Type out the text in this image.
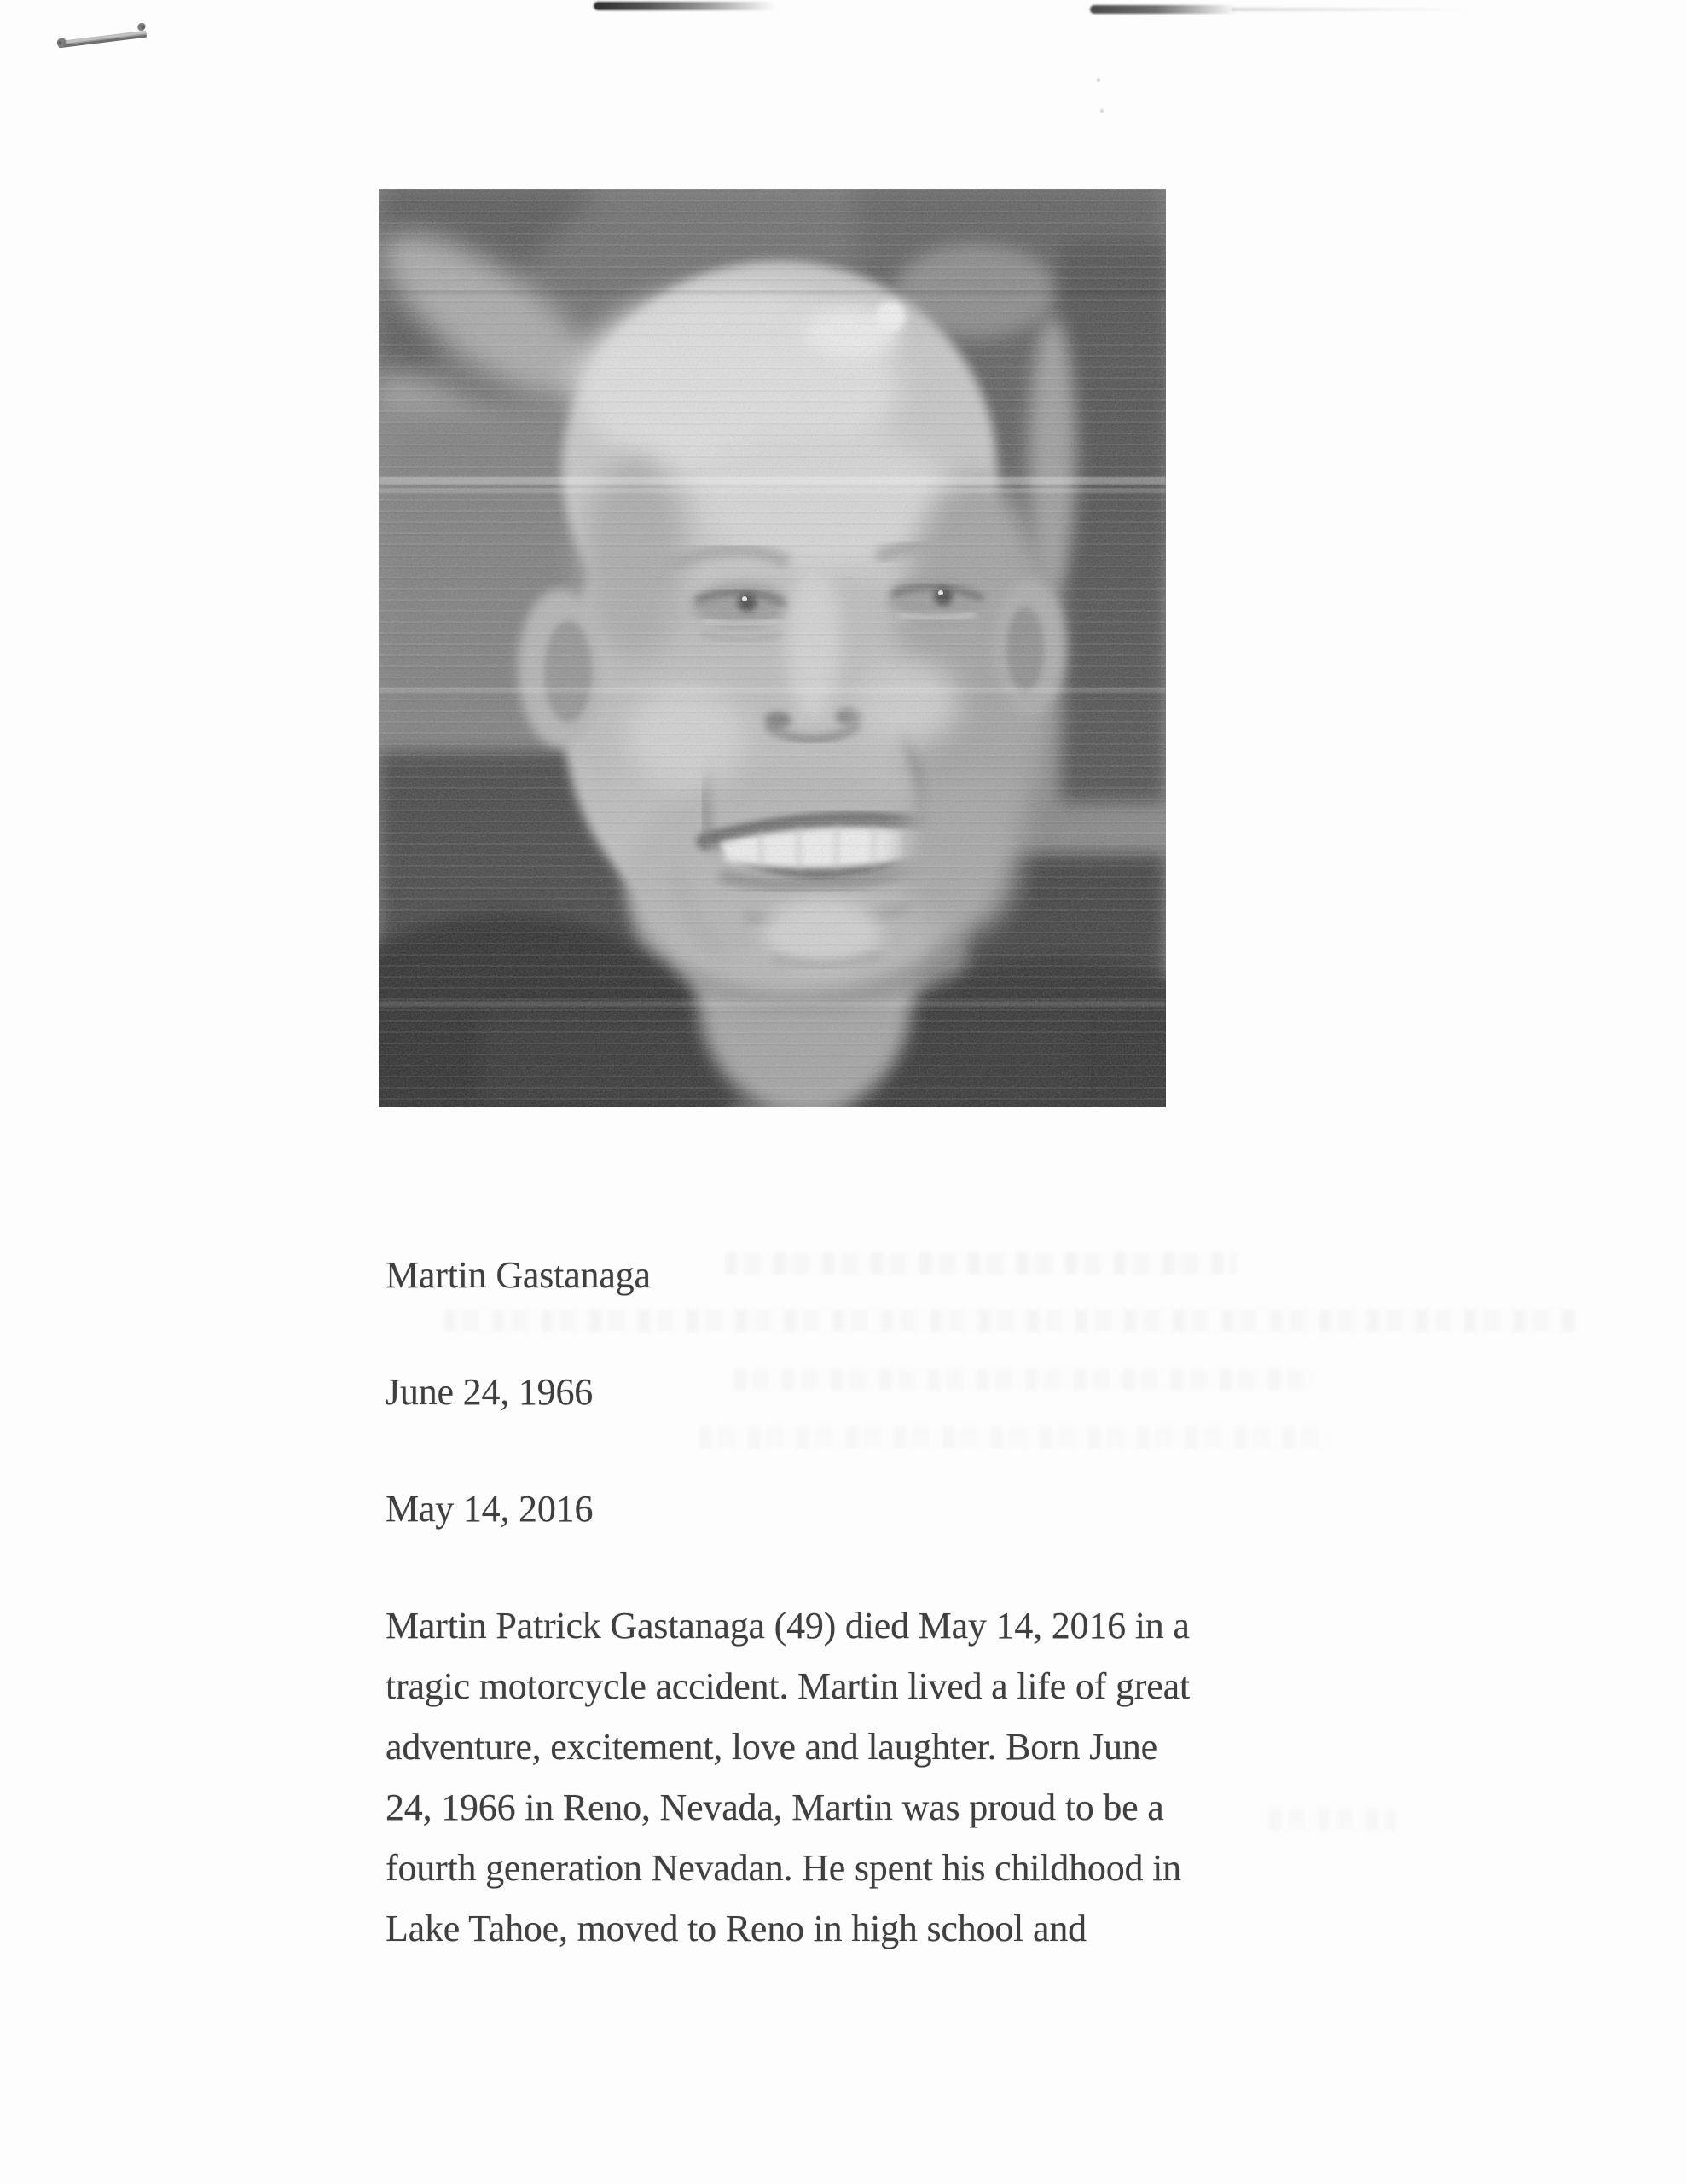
Martin Gastanaga
June 24, 1966
May 14, 2016
Martin Patrick Gastanaga (49) died May 14, 2016 in a
tragic motorcycle accident. Martin lived a life of great
adventure, excitement, love and laughter. Born June
24, 1966 in Reno, Nevada, Martin was proud to be a
fourth generation Nevadan. He spent his childhood in
Lake Tahoe, moved to Reno in high school and
